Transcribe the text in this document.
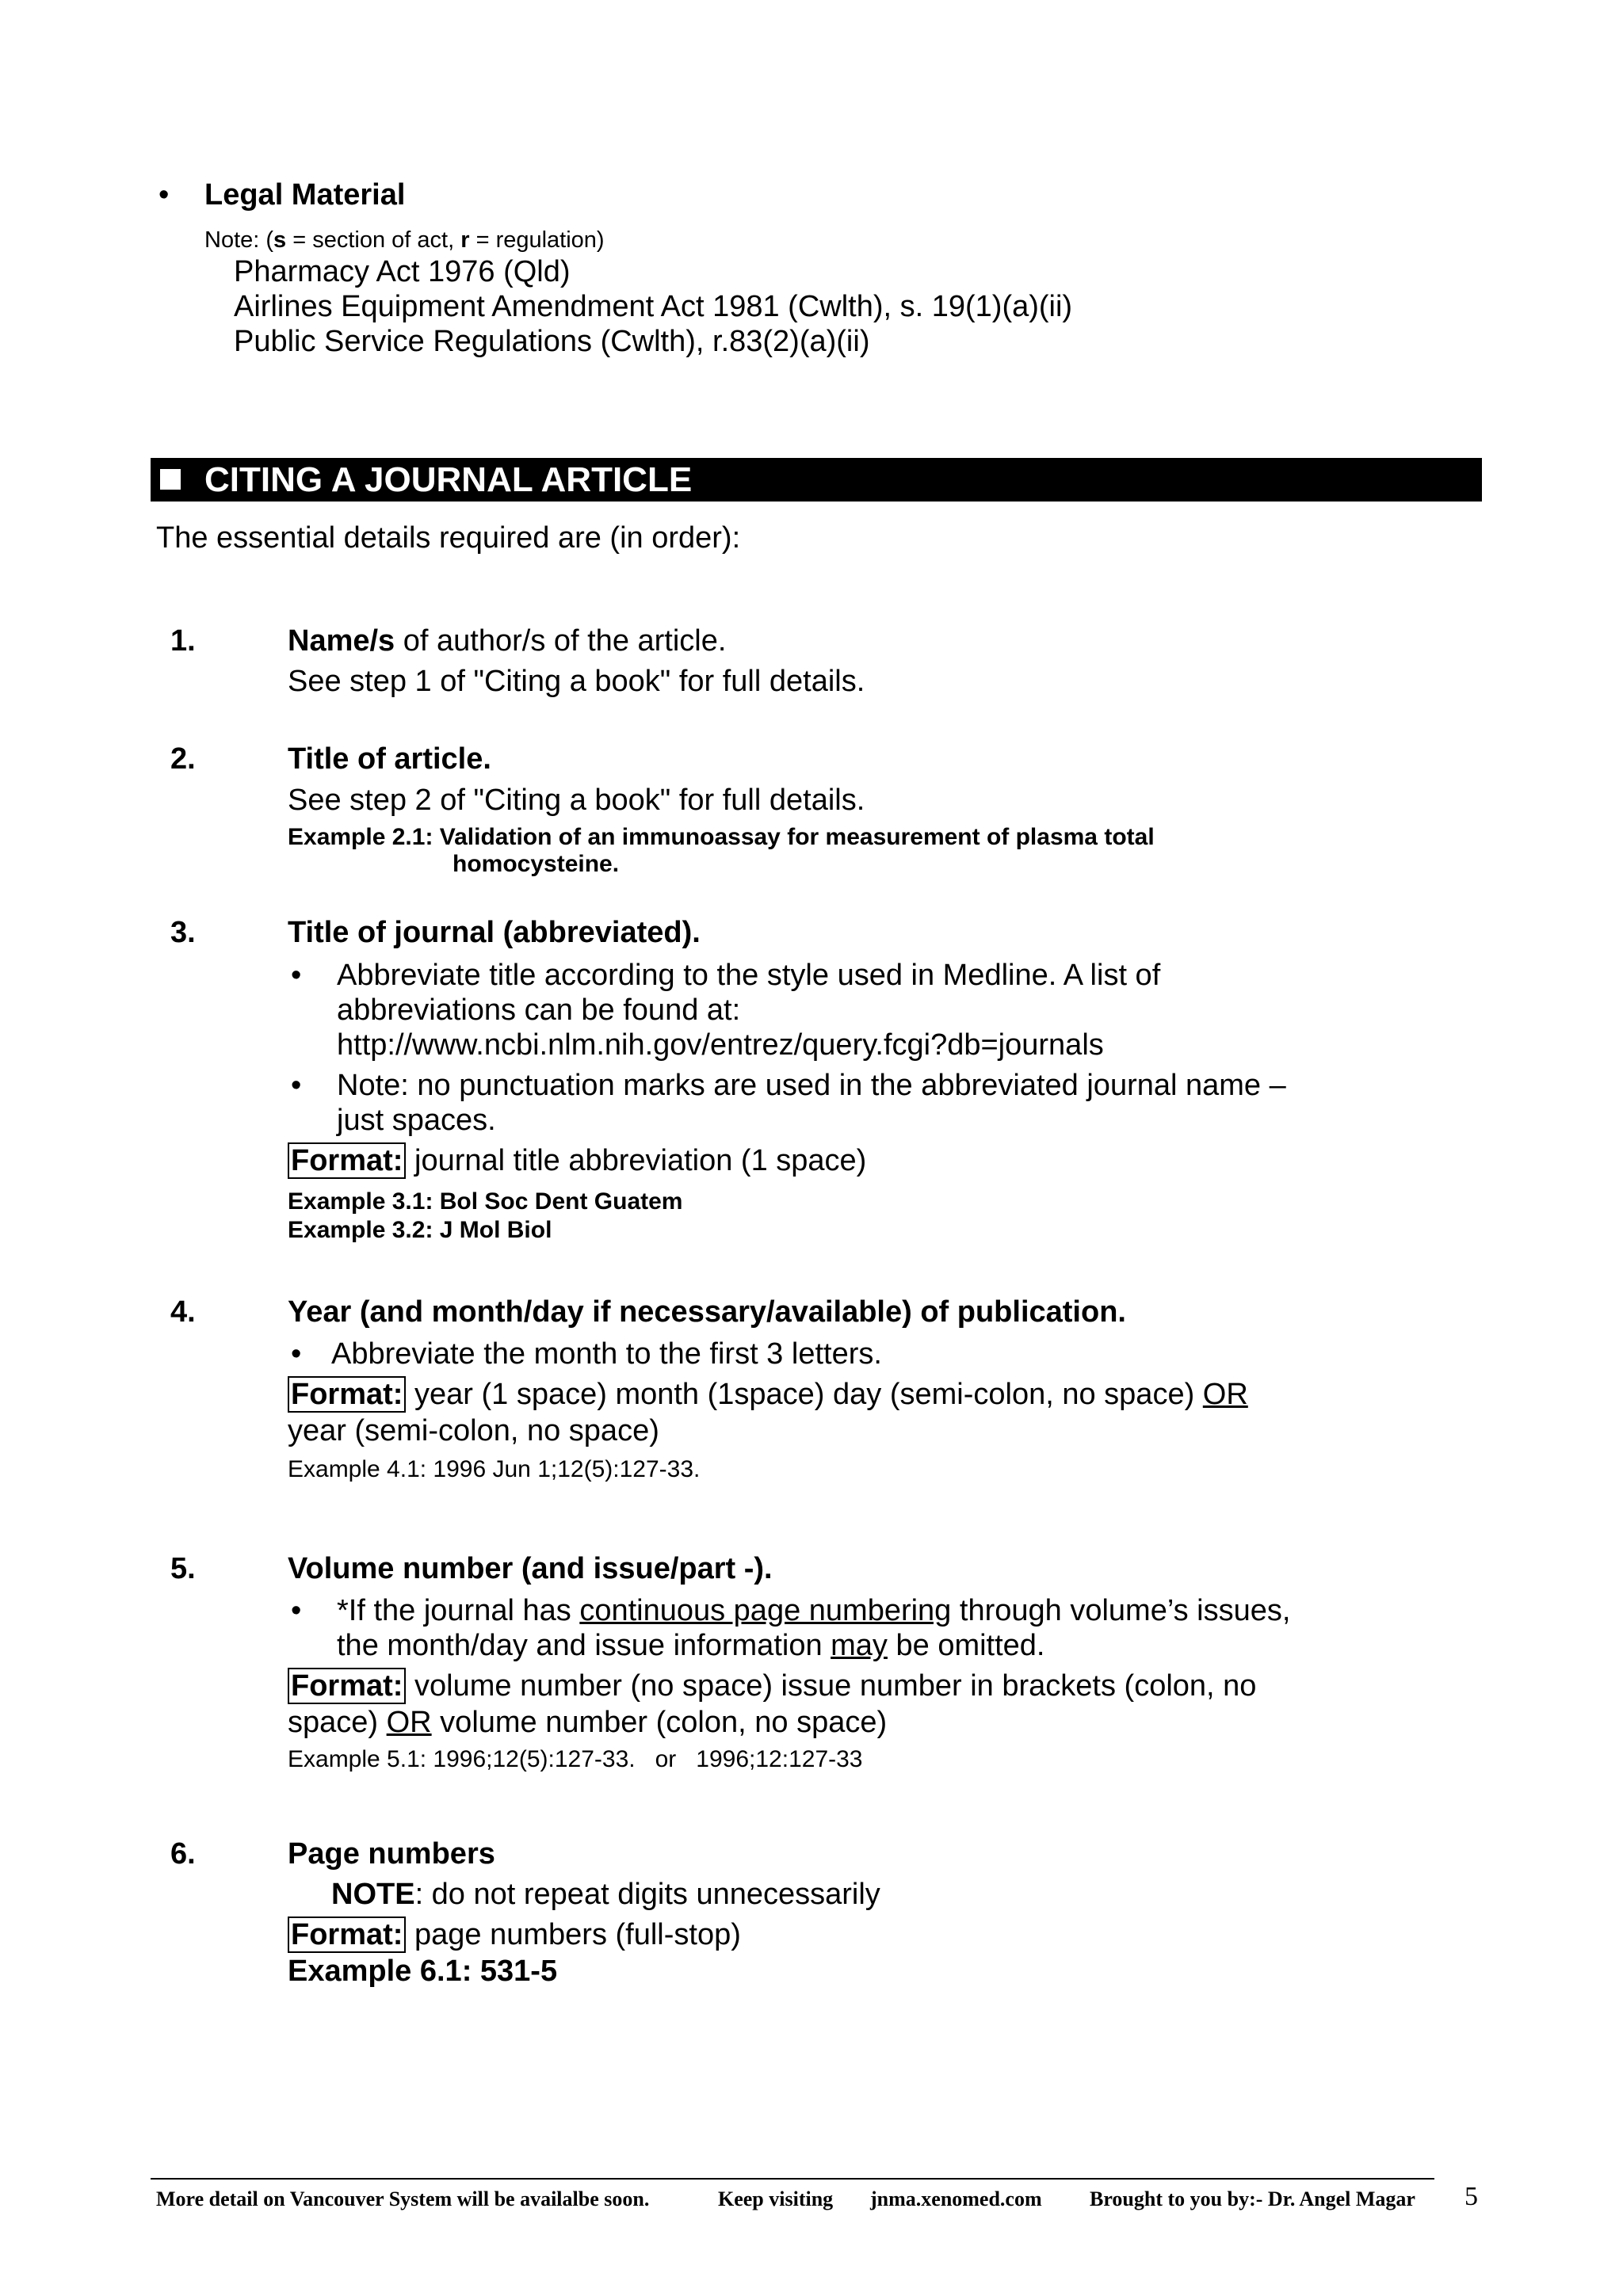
• Legal Material
Note: (s = section of act, r = regulation)
Pharmacy Act 1976 (Qld)
Airlines Equipment Amendment Act 1981 (Cwlth), s. 19(1)(a)(ii)
Public Service Regulations (Cwlth), r.83(2)(a)(ii)
CITING A JOURNAL ARTICLE
The essential details required are (in order):
1.	Name/s of author/s of the article.
See step 1 of "Citing a book" for full details.
2.	Title of article.
See step 2 of "Citing a book" for full details.
Example 2.1: Validation of an immunoassay for measurement of plasma total
homocysteine.
3.	Title of journal (abbreviated).
• Abbreviate title according to the style used in Medline. A list of
abbreviations can be found at:
http://www.ncbi.nlm.nih.gov/entrez/query.fcgi?db=journals
• Note: no punctuation marks are used in the abbreviated journal name –
just spaces.
Format: journal title abbreviation (1 space)
Example 3.1: Bol Soc Dent Guatem
Example 3.2: J Mol Biol
4.	Year (and month/day if necessary/available) of publication.
• Abbreviate the month to the first 3 letters.
Format: year (1 space) month (1space) day (semi-colon, no space) OR
year (semi-colon, no space)
Example 4.1: 1996 Jun 1;12(5):127-33.
5.	Volume number (and issue/part -).
• *If the journal has continuous page numbering through volume’s issues,
the month/day and issue information may be omitted.
Format: volume number (no space) issue number in brackets (colon, no
space) OR volume number (colon, no space)
Example 5.1: 1996;12(5):127-33.   or   1996;12:127-33
6.	Page numbers
NOTE: do not repeat digits unnecessarily
Format: page numbers (full-stop)
Example 6.1: 531-5
More detail on Vancouver System will be availalbe soon.	Keep visiting jnma.xenomed.com Brought to you by:- Dr. Angel Magar 5
